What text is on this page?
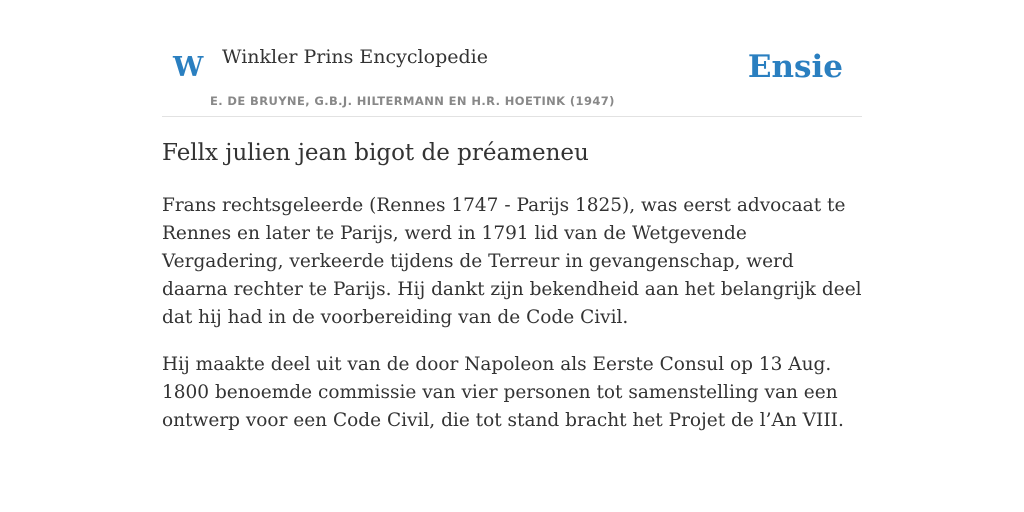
W Winkler Prins Encyclopedie
E. DE BRUYNE, G.B.J. HILTERMANN EN H.R. HOETINK (1947)
Ensie
Fellx julien jean bigot de préameneu

Frans rechtsgeleerde (Rennes 1747 - Parijs 1825), was eerst advocaat te Rennes en later te Parijs, werd in 1791 lid van de Wetgevende Vergadering, verkeerde tijdens de Terreur in gevangenschap, werd daarna rechter te Parijs. Hij dankt zijn bekendheid aan het belangrijk deel dat hij had in de voorbereiding van de Code Civil.

Hij maakte deel uit van de door Napoleon als Eerste Consul op 13 Aug. 1800 benoemde commissie van vier personen tot samenstelling van een ontwerp voor een Code Civil, die tot stand bracht het Projet de l’An VIII.
